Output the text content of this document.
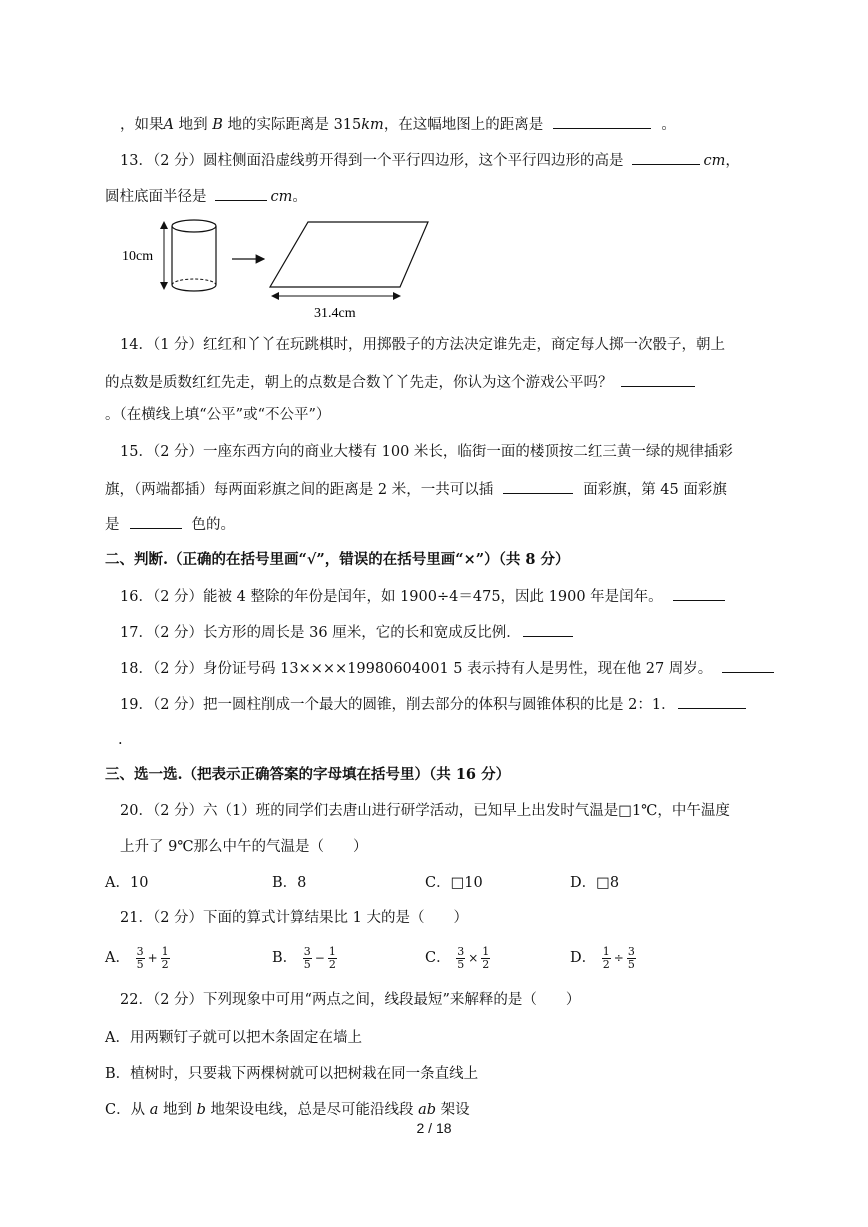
，如果A 地到 B 地的实际距离是 315km，在这幅地图上的距离是	。
13．（2 分）圆柱侧面沿虚线剪开得到一个平行四边形，这个平行四边形的高是	cm，
圆柱底面半径是	cm。
10cm
31.4cm
14．（1 分）红红和丫丫在玩跳棋时，用掷骰子的方法决定谁先走，商定每人掷一次骰子，朝上
的点数是质数红红先走，朝上的点数是合数丫丫先走，你认为这个游戏公平吗？
。（在横线上填“公平”或“不公平”）
15．（2 分）一座东西方向的商业大楼有 100 米长，临街一面的楼顶按二红三黄一绿的规律插彩
旗，（两端都插）每两面彩旗之间的距离是 2 米，一共可以插	面彩旗，第 45 面彩旗
是	色的。
二、判断.（正确的在括号里画“√”，错误的在括号里画“×”）（共 8 分）
16．（2 分）能被 4 整除的年份是闰年，如 1900÷4＝475，因此 1900 年是闰年。
17．（2 分）长方形的周长是 36 厘米，它的长和宽成反比例．
18．（2 分）身份证号码 13××××19980604001 5 表示持有人是男性，现在他 27 周岁。
19．（2 分）把一圆柱削成一个最大的圆锥，削去部分的体积与圆锥体积的比是 2：1．
.
三、选一选.（把表示正确答案的字母填在括号里）（共 16 分）
20．（2 分）六（1）班的同学们去唐山进行研学活动，已知早上出发时气温是□1℃，中午温度
上升了 9℃那么中午的气温是（　　）
A．10	B．8	C．□10	D．□8
21．（2 分）下面的算式计算结果比 1 大的是（　　）
A． $\frac{3}{5} + \frac{1}{2}$	B． $\frac{3}{5} - \frac{1}{2}$	C． $\frac{3}{5} \times \frac{1}{2}$	D． $\frac{1}{2} \div \frac{3}{5}$
22．（2 分）下列现象中可用“两点之间，线段最短”来解释的是（　　）
A．用两颗钉子就可以把木条固定在墙上
B．植树时，只要栽下两棵树就可以把树栽在同一条直线上
C．从 a 地到 b 地架设电线，总是尽可能沿线段 ab 架设
2 / 18
